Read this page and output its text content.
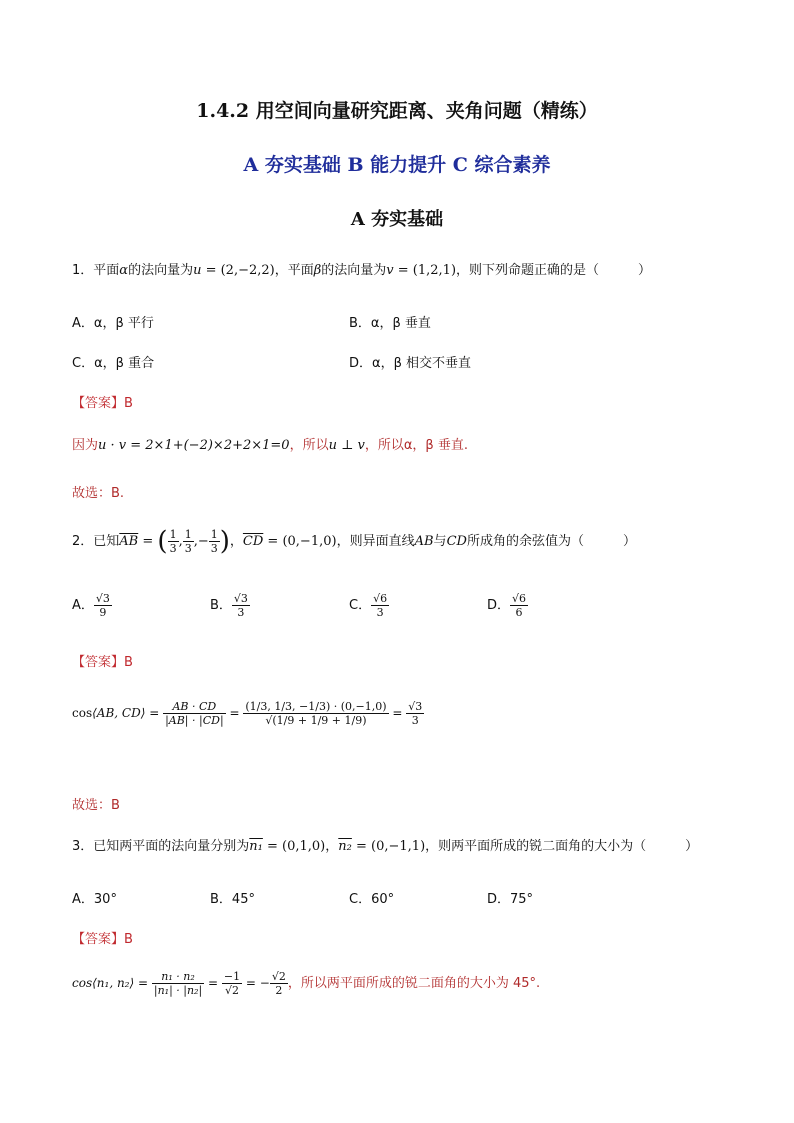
1.4.2 用空间向量研究距离、夹角问题（精练）
A 夯实基础 B 能力提升 C 综合素养
A 夯实基础
1．平面α的法向量为u = (2,−2,2)，平面β的法向量为v = (1,2,1)，则下列命题正确的是（　　　）
A．α，β 平行	B．α，β 垂直
C．α，β 重合	D．α，β 相交不垂直
【答案】B
因为u · v = 2×1+(−2)×2+2×1=0，所以u ⊥ v，所以α，β 垂直.
故选：B.
2．已知$\overline{AB}$ = ( $\frac{1}{3}$ , $\frac{1}{3}$ ,− $\frac{1}{3}$ )，$\overline{CD} = (0,-1,0)$，则异面直线AB与CD所成角的余弦值为（　　　）
A． $\frac{√3}{9}$	B． $\frac{√3}{3}$	C． $\frac{√6}{3}$	D． $\frac{√6}{6}$
【答案】B
cos⟨AB, CD⟩ = $\frac{AB \cdot CD}{|AB| \cdot |CD|} = \frac{(1/3, 1/3, -1/3) \cdot (0,-1,0)}{√(1/9 + 1/9 + 1/9)} = \frac{√3}{3}$
故选：B
3．已知两平面的法向量分别为n₁ = (0,1,0)，n₂ = (0,−1,1)，则两平面所成的锐二面角的大小为（　　　）
A．30°	B．45°	C．60°	D．75°
【答案】B
cos⟨n₁, n₂⟩ = $\frac{\text{n₁ · n₂}}{\text{|n₁| · |n₂|}} = \frac{-1}{√2}$ = − $\frac{√2}{2}$ ，所以两平面所成的锐二面角的大小为 45°.
